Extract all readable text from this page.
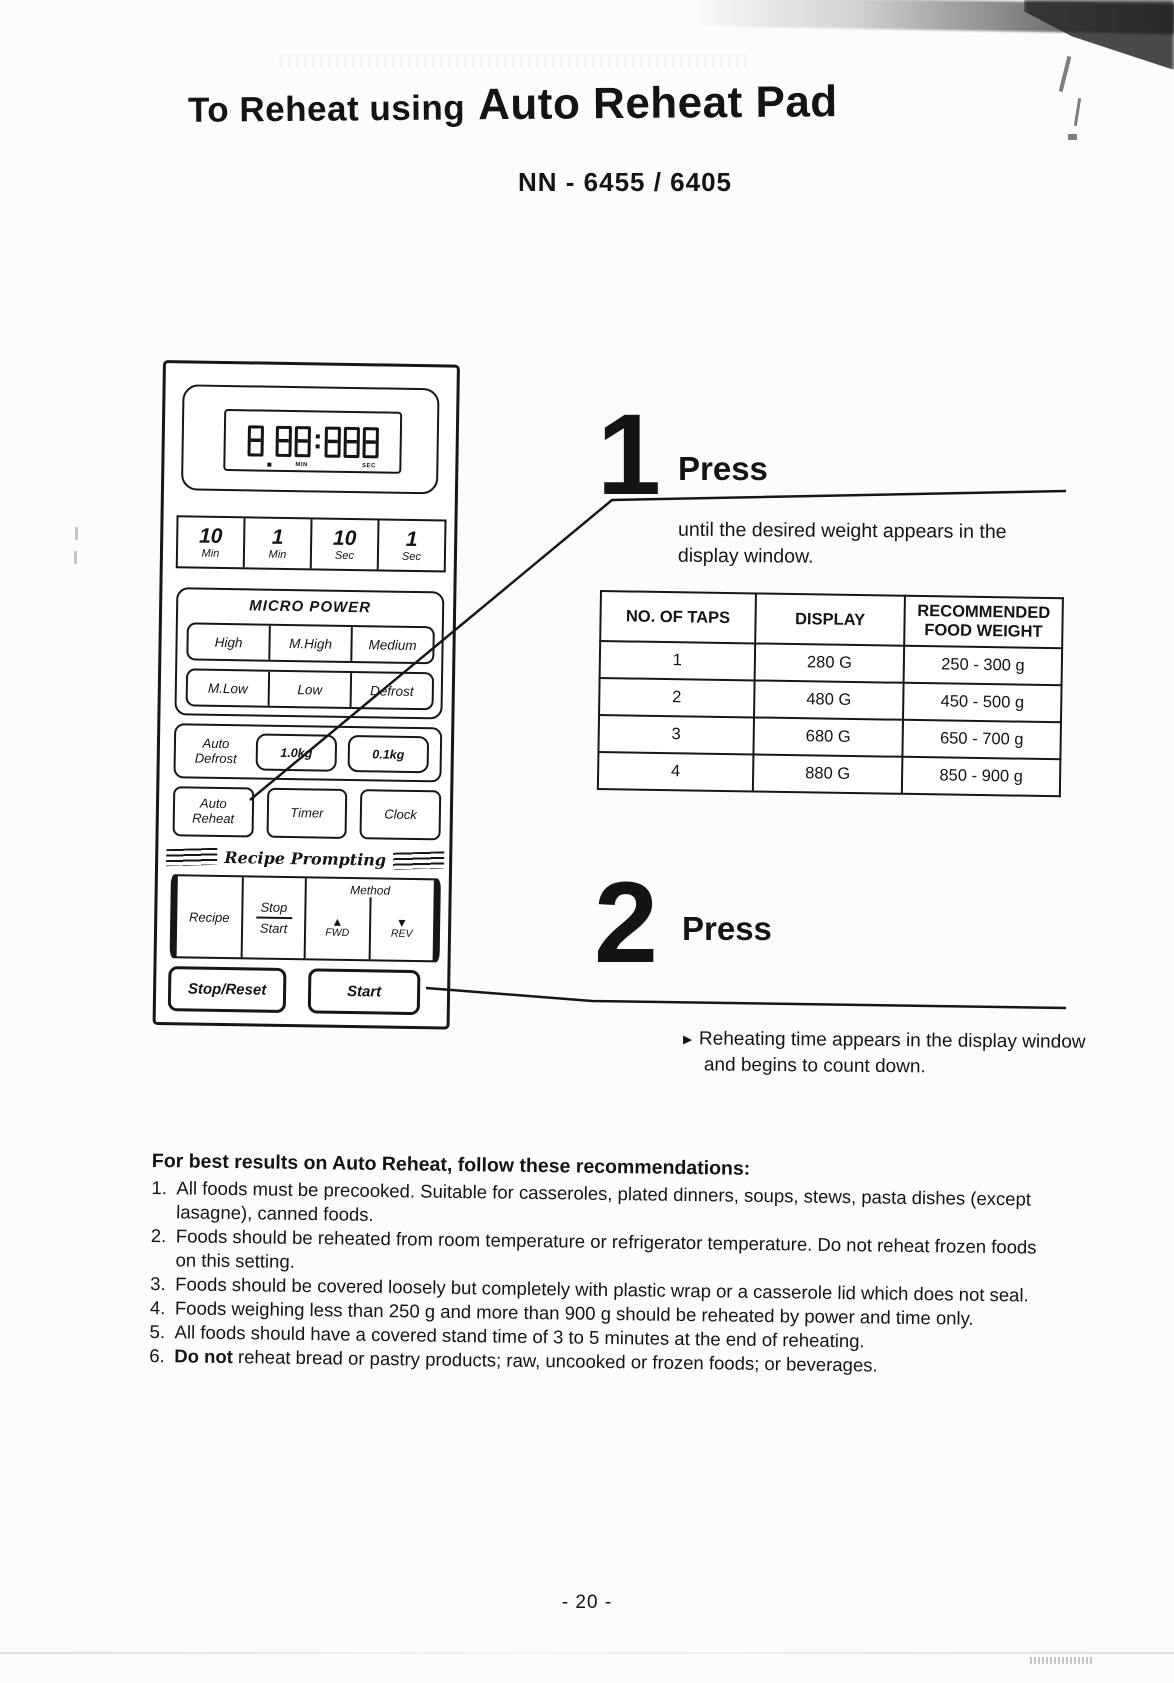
To Reheat using Auto Reheat Pad
NN - 6455 / 6405
MIN	SEC
10
Min
1
Min
10
Sec
1
Sec
MICRO POWER
High	M.High	Medium
M.Low	Low	Defrost
Auto
Defrost	1.0kg	0.1kg
Auto
Reheat	Timer	Clock
Recipe Prompting
Recipe
Stop
Start
Method
▲
FWD
▼
REV
Stop/Reset	Start
1 Press
until the desired weight appears in the display window.
NO. OF TAPS	DISPLAY	RECOMMENDED FOOD WEIGHT
1	280 G	250 - 300 g
2	480 G	450 - 500 g
3	680 G	650 - 700 g
4	880 G	850 - 900 g
2 Press
► Reheating time appears in the display window and begins to count down.
For best results on Auto Reheat, follow these recommendations:
1. All foods must be precooked. Suitable for casseroles, plated dinners, soups, stews, pasta dishes (except lasagne), canned foods.
2. Foods should be reheated from room temperature or refrigerator temperature. Do not reheat frozen foods on this setting.
3. Foods should be covered loosely but completely with plastic wrap or a casserole lid which does not seal.
4. Foods weighing less than 250 g and more than 900 g should be reheated by power and time only.
5. All foods should have a covered stand time of 3 to 5 minutes at the end of reheating.
6. Do not reheat bread or pastry products; raw, uncooked or frozen foods; or beverages.
- 20 -
